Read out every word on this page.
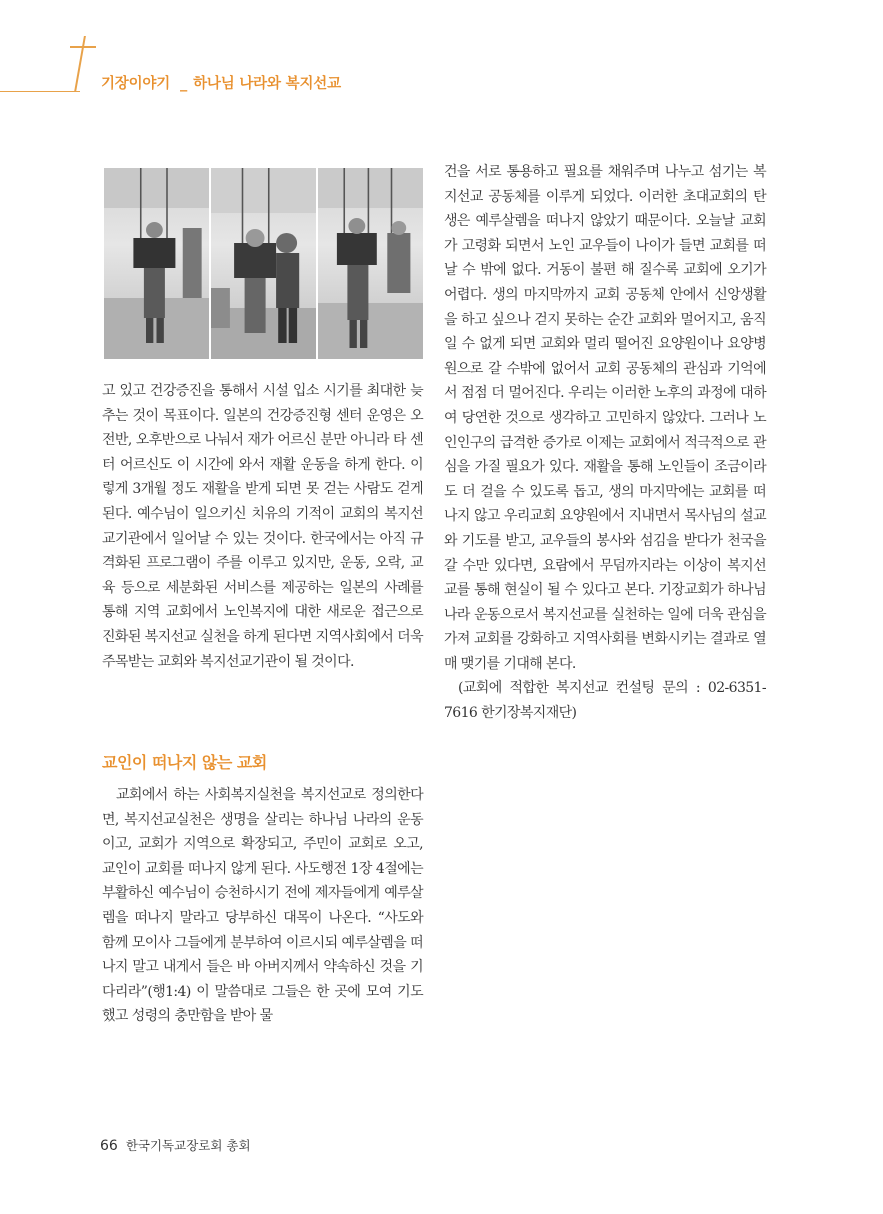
기장이야기 _ 하나님 나라와 복지선교

고 있고 건강증진을 통해서 시설 입소 시기를 최대한 늦추는 것이 목표이다. 일본의 건강증진형 센터 운영은 오전반, 오후반으로 나눠서 재가 어르신 분만 아니라 타 센터 어르신도 이 시간에 와서 재활 운동을 하게 한다. 이렇게 3개월 정도 재활을 받게 되면 못 걷는 사람도 걷게 된다. 예수님이 일으키신 치유의 기적이 교회의 복지선교기관에서 일어날 수 있는 것이다. 한국에서는 아직 규격화된 프로그램이 주를 이루고 있지만, 운동, 오락, 교육 등으로 세분화된 서비스를 제공하는 일본의 사례를 통해 지역 교회에서 노인복지에 대한 새로운 접근으로 진화된 복지선교 실천을 하게 된다면 지역사회에서 더욱 주목받는 교회와 복지선교기관이 될 것이다.

교인이 떠나지 않는 교회

교회에서 하는 사회복지실천을 복지선교로 정의한다면, 복지선교실천은 생명을 살리는 하나님 나라의 운동이고, 교회가 지역으로 확장되고, 주민이 교회로 오고, 교인이 교회를 떠나지 않게 된다. 사도행전 1장 4절에는 부활하신 예수님이 승천하시기 전에 제자들에게 예루살렘을 떠나지 말라고 당부하신 대목이 나온다. “사도와 함께 모이사 그들에게 분부하여 이르시되 예루살렘을 떠나지 말고 내게서 들은 바 아버지께서 약속하신 것을 기다리라”(행1:4) 이 말씀대로 그들은 한 곳에 모여 기도했고 성령의 충만함을 받아 물

건을 서로 통용하고 필요를 채워주며 나누고 섬기는 복지선교 공동체를 이루게 되었다. 이러한 초대교회의 탄생은 예루살렘을 떠나지 않았기 때문이다. 오늘날 교회가 고령화 되면서 노인 교우들이 나이가 들면 교회를 떠날 수 밖에 없다. 거동이 불편 해 질수록 교회에 오기가 어렵다. 생의 마지막까지 교회 공동체 안에서 신앙생활을 하고 싶으나 걷지 못하는 순간 교회와 멀어지고, 움직일 수 없게 되면 교회와 멀리 떨어진 요양원이나 요양병원으로 갈 수밖에 없어서 교회 공동체의 관심과 기억에서 점점 더 멀어진다. 우리는 이러한 노후의 과정에 대하여 당연한 것으로 생각하고 고민하지 않았다. 그러나 노인인구의 급격한 증가로 이제는 교회에서 적극적으로 관심을 가질 필요가 있다. 재활을 통해 노인들이 조금이라도 더 걸을 수 있도록 돕고, 생의 마지막에는 교회를 떠나지 않고 우리교회 요양원에서 지내면서 목사님의 설교와 기도를 받고, 교우들의 봉사와 섬김을 받다가 천국을 갈 수만 있다면, 요람에서 무덤까지라는 이상이 복지선교를 통해 현실이 될 수 있다고 본다. 기장교회가 하나님 나라 운동으로서 복지선교를 실천하는 일에 더욱 관심을 가져 교회를 강화하고 지역사회를 변화시키는 결과로 열매 맺기를 기대해 본다.

(교회에 적합한 복지선교 컨설팅 문의 : 02-6351-7616 한기장복지재단)

66 한국기독교장로회 총회
